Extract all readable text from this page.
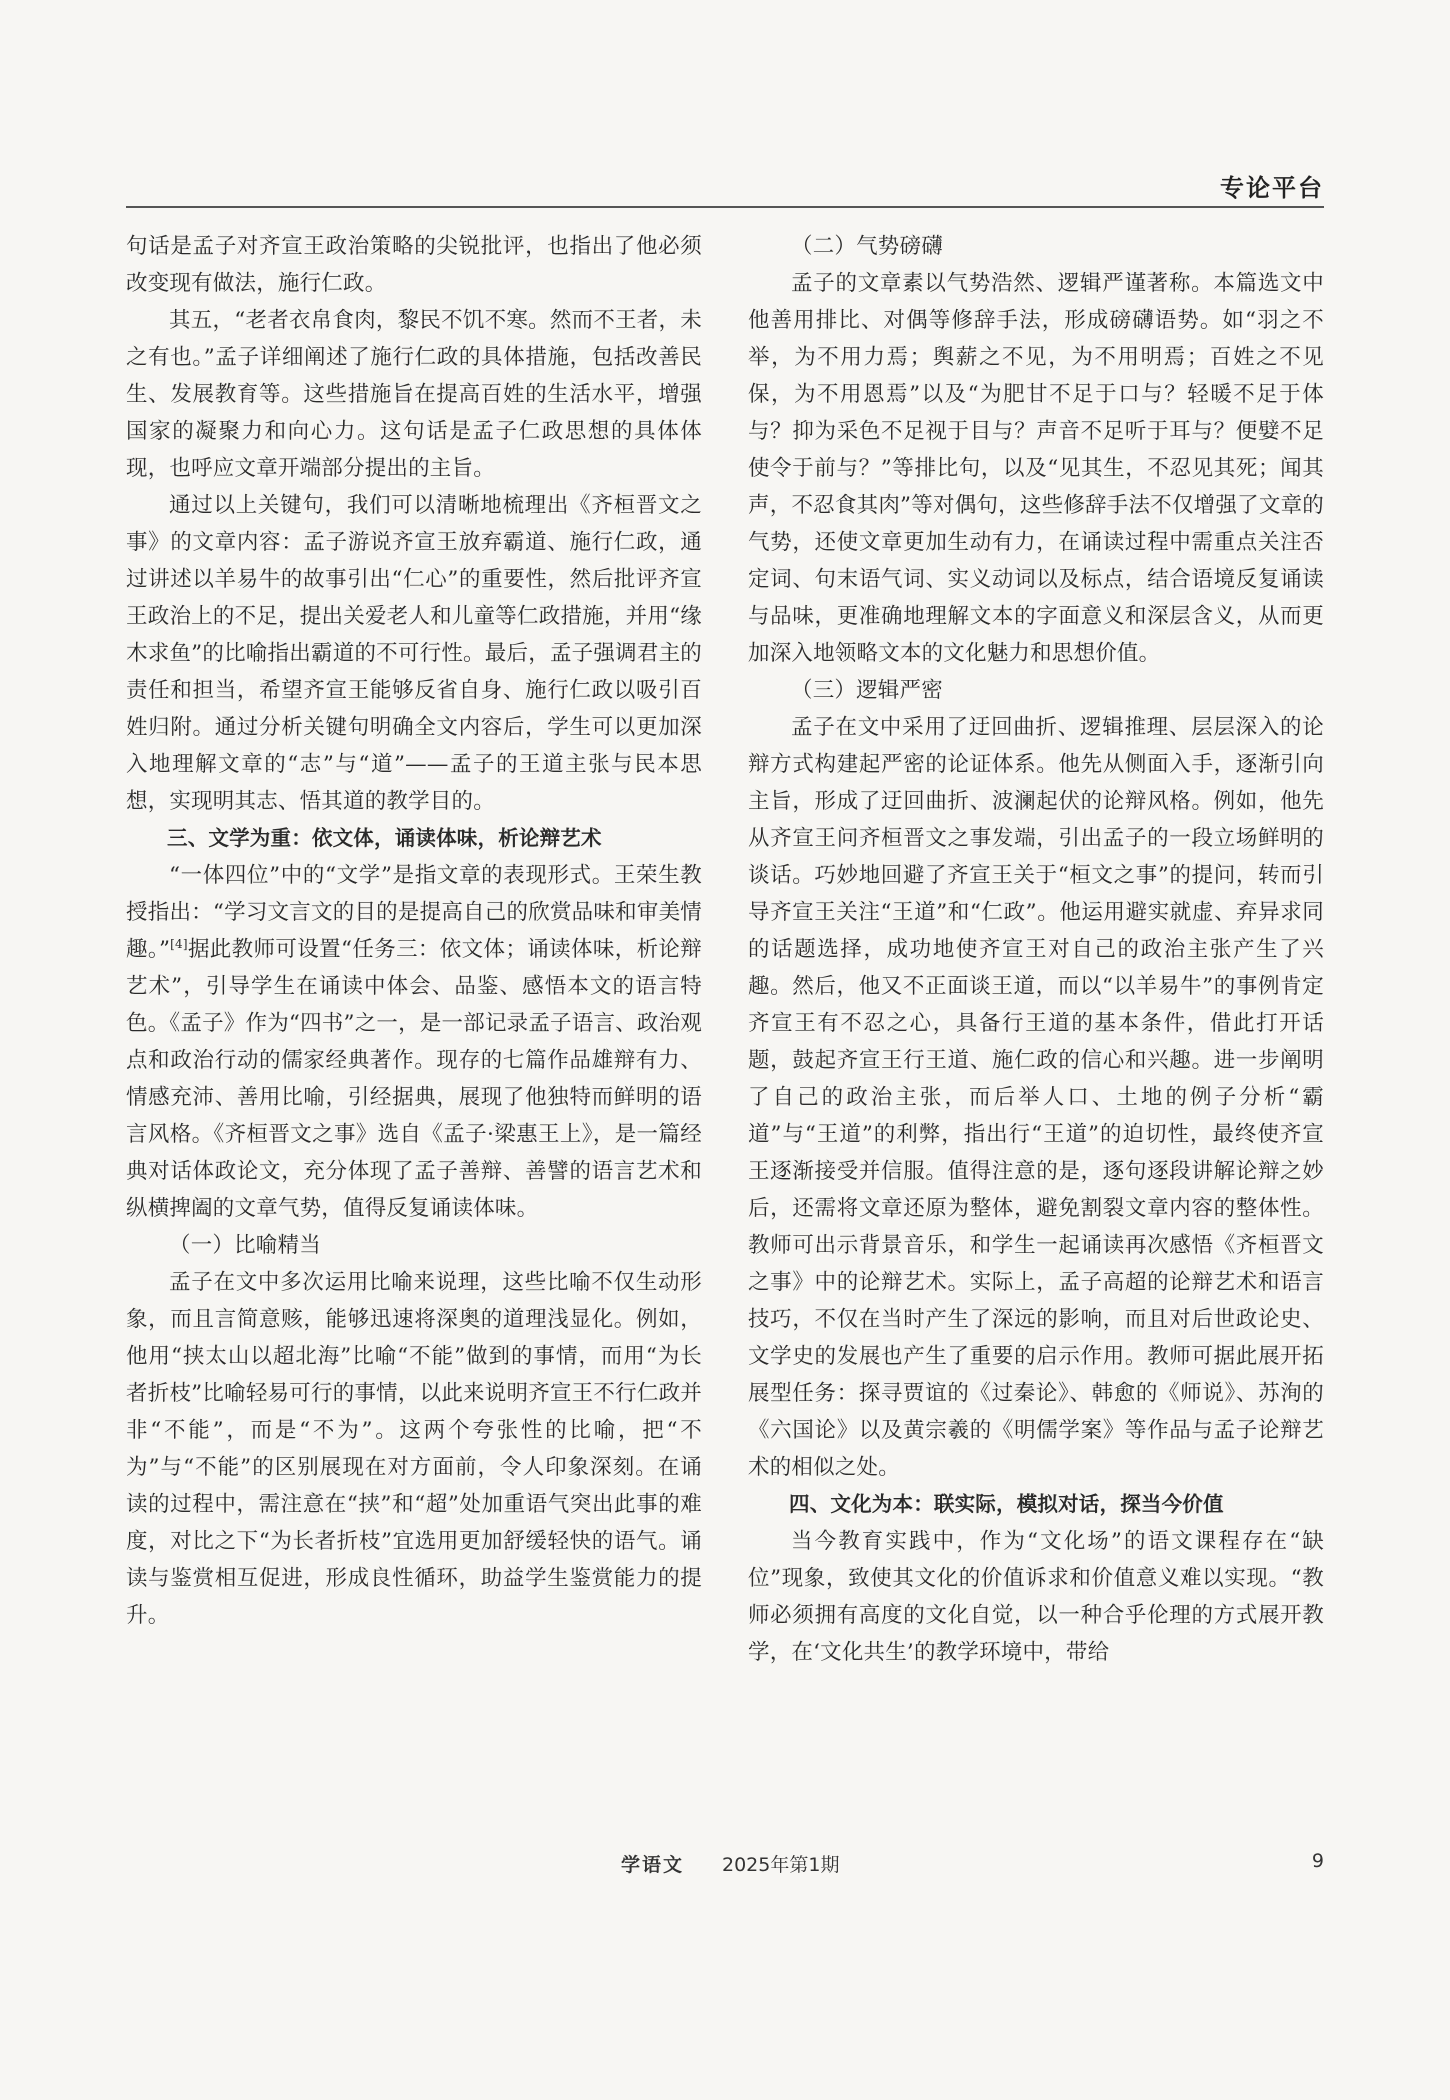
专论平台

句话是孟子对齐宣王政治策略的尖锐批评，也指出了他必须改变现有做法，施行仁政。

其五，“老者衣帛食肉，黎民不饥不寒。然而不王者，未之有也。”孟子详细阐述了施行仁政的具体措施，包括改善民生、发展教育等。这些措施旨在提高百姓的生活水平，增强国家的凝聚力和向心力。这句话是孟子仁政思想的具体体现，也呼应文章开端部分提出的主旨。

通过以上关键句，我们可以清晰地梳理出《齐桓晋文之事》的文章内容：孟子游说齐宣王放弃霸道、施行仁政，通过讲述以羊易牛的故事引出“仁心”的重要性，然后批评齐宣王政治上的不足，提出关爱老人和儿童等仁政措施，并用“缘木求鱼”的比喻指出霸道的不可行性。最后，孟子强调君主的责任和担当，希望齐宣王能够反省自身、施行仁政以吸引百姓归附。通过分析关键句明确全文内容后，学生可以更加深入地理解文章的“志”与“道”——孟子的王道主张与民本思想，实现明其志、悟其道的教学目的。

三、文学为重：依文体，诵读体味，析论辩艺术

“一体四位”中的“文学”是指文章的表现形式。王荣生教授指出：“学习文言文的目的是提高自己的欣赏品味和审美情趣。”[4]据此教师可设置“任务三：依文体；诵读体味，析论辩艺术”，引导学生在诵读中体会、品鉴、感悟本文的语言特色。《孟子》作为“四书”之一，是一部记录孟子语言、政治观点和政治行动的儒家经典著作。现存的七篇作品雄辩有力、情感充沛、善用比喻，引经据典，展现了他独特而鲜明的语言风格。《齐桓晋文之事》选自《孟子·梁惠王上》，是一篇经典对话体政论文，充分体现了孟子善辩、善譬的语言艺术和纵横捭阖的文章气势，值得反复诵读体味。

（一）比喻精当

孟子在文中多次运用比喻来说理，这些比喻不仅生动形象，而且言简意赅，能够迅速将深奥的道理浅显化。例如，他用“挟太山以超北海”比喻“不能”做到的事情，而用“为长者折枝”比喻轻易可行的事情，以此来说明齐宣王不行仁政并非“不能”，而是“不为”。这两个夸张性的比喻，把“不为”与“不能”的区别展现在对方面前，令人印象深刻。在诵读的过程中，需注意在“挟”和“超”处加重语气突出此事的难度，对比之下“为长者折枝”宜选用更加舒缓轻快的语气。诵读与鉴赏相互促进，形成良性循环，助益学生鉴赏能力的提升。

（二）气势磅礴

孟子的文章素以气势浩然、逻辑严谨著称。本篇选文中他善用排比、对偶等修辞手法，形成磅礴语势。如“羽之不举，为不用力焉；舆薪之不见，为不用明焉；百姓之不见保，为不用恩焉”以及“为肥甘不足于口与？轻暖不足于体与？抑为采色不足视于目与？声音不足听于耳与？便嬖不足使令于前与？”等排比句，以及“见其生，不忍见其死；闻其声，不忍食其肉”等对偶句，这些修辞手法不仅增强了文章的气势，还使文章更加生动有力，在诵读过程中需重点关注否定词、句末语气词、实义动词以及标点，结合语境反复诵读与品味，更准确地理解文本的字面意义和深层含义，从而更加深入地领略文本的文化魅力和思想价值。

（三）逻辑严密

孟子在文中采用了迂回曲折、逻辑推理、层层深入的论辩方式构建起严密的论证体系。他先从侧面入手，逐渐引向主旨，形成了迂回曲折、波澜起伏的论辩风格。例如，他先从齐宣王问齐桓晋文之事发端，引出孟子的一段立场鲜明的谈话。巧妙地回避了齐宣王关于“桓文之事”的提问，转而引导齐宣王关注“王道”和“仁政”。他运用避实就虚、弃异求同的话题选择，成功地使齐宣王对自己的政治主张产生了兴趣。然后，他又不正面谈王道，而以“以羊易牛”的事例肯定齐宣王有不忍之心，具备行王道的基本条件，借此打开话题，鼓起齐宣王行王道、施仁政的信心和兴趣。进一步阐明了自己的政治主张，而后举人口、土地的例子分析“霸道”与“王道”的利弊，指出行“王道”的迫切性，最终使齐宣王逐渐接受并信服。值得注意的是，逐句逐段讲解论辩之妙后，还需将文章还原为整体，避免割裂文章内容的整体性。教师可出示背景音乐，和学生一起诵读再次感悟《齐桓晋文之事》中的论辩艺术。实际上，孟子高超的论辩艺术和语言技巧，不仅在当时产生了深远的影响，而且对后世政论史、文学史的发展也产生了重要的启示作用。教师可据此展开拓展型任务：探寻贾谊的《过秦论》、韩愈的《师说》、苏洵的《六国论》以及黄宗羲的《明儒学案》等作品与孟子论辩艺术的相似之处。

四、文化为本：联实际，模拟对话，探当今价值

当今教育实践中，作为“文化场”的语文课程存在“缺位”现象，致使其文化的价值诉求和价值意义难以实现。“教师必须拥有高度的文化自觉，以一种合乎伦理的方式展开教学，在‘文化共生’的教学环境中，带给

学语文 2025年第1期	9
